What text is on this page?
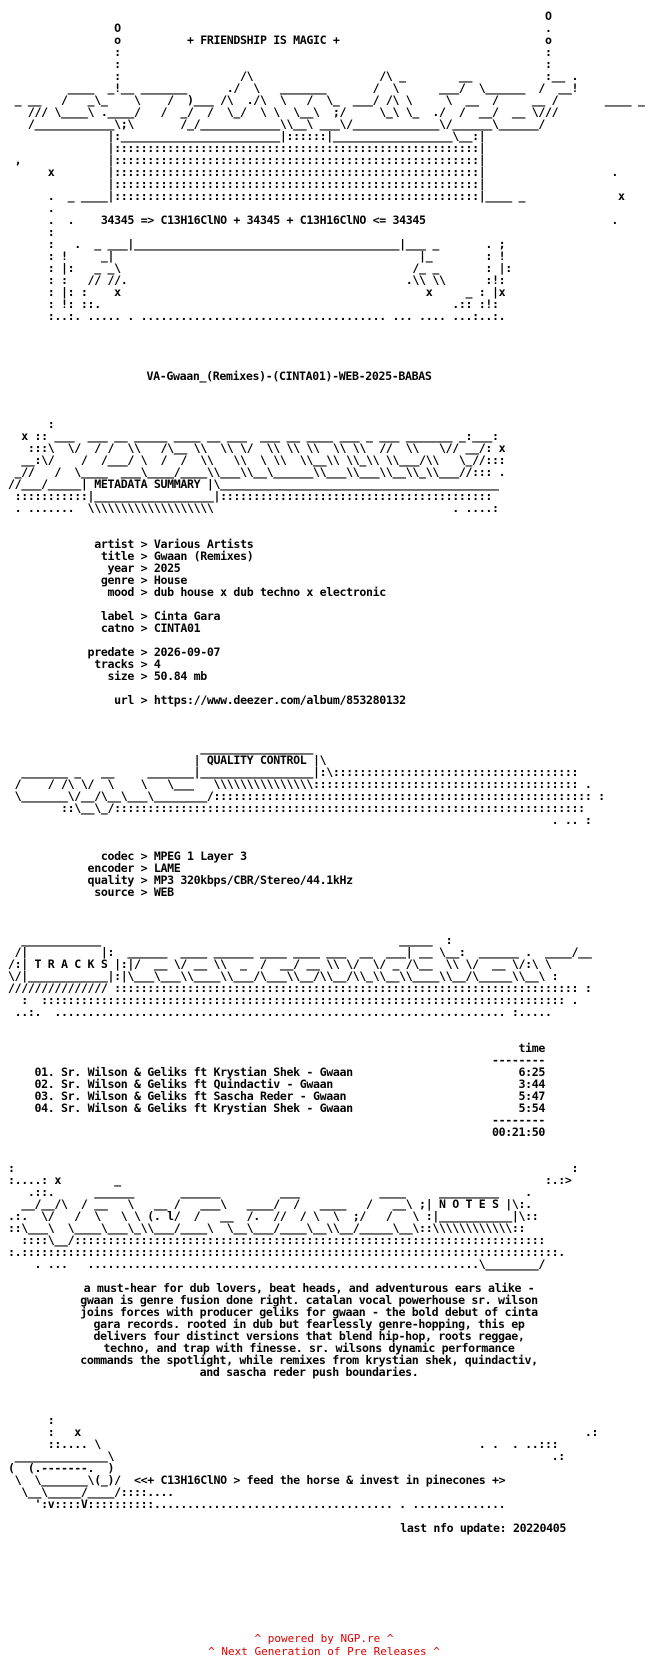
O
O                                                                .
o          + FRIENDSHIP IS MAGIC +                               o
:                                                                :
:                                                                :
:                  /\                   /\ _        __           :__ .
____  _!__ _______      ./  \   _______       /  \      ___/  \______  /  __!
_ __   /   _\_    \    /  )___ /\  ./\  \   /  \_  ___/ /\ \     \  __  /     __ /       ____ _
/// \____\ .____/   /  _/  /  \_/  \ \  \__\  ;/     \_\ \_  ./  /  __/  __ \///
/____________\;\       /_/____________\\__\ ___\/_____________\/______\______/
|:________________________|::::::|__________________\__:|
|:::::::::::::::::::::::::::::::::::::::::::::::::::::::|
,             |:::::::::::::::::::::::::::::::::::::::::::::::::::::::|
x        |:::::::::::::::::::::::::::::::::::::::::::::::::::::::|                   .
|:::::::::::::::::::::::::::::::::::::::::::::::::::::::|
.  _ ____|:::::::::::::::::::::::::::::::::::::::::::::::::::::::|____ _              x
.
.  .    34345 => C13H16ClNO + 34345 + C13H16ClNO <= 34345                            .
:
:   .  _ ___|________________________________________|___ _       . ;
: !     _|                                              |_        : !
: |:   _ _\                                            /_ _       : |:
: :   // //.                                          .\\ \\      :!:
: |: :    x                                              x     _ : |x
: !: ::.                                                     .:: :!:
:..:. ..... . ..................................... ... .... ...:..:.

VA-Gwaan_(Remixes)-(CINTA01)-WEB-2025-BABAS

:
x :: ___  ___ __ _____ ____ __ ___  ___ __ ____ ___ _ ___ _______ _:___:
:::\  \/  / /  \\   /\__ \\  \\ \/  \\ \\ \\  \\ \\  //  \\   \// __/: x
__:\/    /  /___/ \  /  /  \\   \\  \ \\  \\__\\ \\_\\ \\___/\\   \_//:::
_//   /  \____  ___\____/____\\___\\__\______\\___\\___\\__\\_\\___//::: .
//___/_____| METADATA SUMMARY |\__________________________________________
:::::::::::|__________________|:::::::::::::::::::::::::::::::::::::::::
. .......  \\\\\\\\\\\\\\\\\\\                                    . ....:

artist > Various Artists
title > Gwaan (Remixes)
year > 2025
genre > House
mood > dub house x dub techno x electronic

label > Cinta Gara
catno > CINTA01

predate > 2026-09-07
tracks > 4
size > 50.84 mb

url > https://www.deezer.com/album/853280132

_________________
| QUALITY CONTROL |\
_______ _   __     _______|_________________|:\:::::::::::::::::::::::::::::::::::::
/    / /\ \/  \    \   \___   \\\\\\\\\\\\\\\:::::::::::::::::::::::::::::::::::::::: .
\_______\/__/\__\___\________/::::::::::::::::::::::::::::::::::::::::::::::::::::::::: :
::\__\_/:::::::::::::::::::::::::::::::::::::::::::::::::::::::::::::::::::::::
. .. :

codec > MPEG 1 Layer 3
encoder > LAME
quality > MP3 320kbps/CBR/Stereo/44.1kHz
source > WEB

____________                                             _____  :
/|           |:  ______  ____ ______ ____ ____ ___  __  ___| __ \__:  ______ .  ____/__
/:| T R A C K S |:|/  __ \/ __ \\  _  /  __/ __ \\ \/  \/ _ /\__  \\ \/  __ \/:\ \
\/|____________|:|\___\___\\____\\___/\___\\__/\\__/\\_\\__\\____\\__/\_____\\__\ :
/////////////// :::::::::::::::::::::::::::::::::::::::::::::::::::::::::::::::::::::: :
:  ::::::::::::::::::::::::::::::::::::::::::::::::::::::::::::::::::::::::::::::: .
..:.  .................................................................... :.....

time
--------
01. Sr. Wilson & Geliks ft Krystian Shek - Gwaan                         6:25
02. Sr. Wilson & Geliks ft Quindactiv - Gwaan                            3:44
03. Sr. Wilson & Geliks ft Sascha Reder - Gwaan                          5:47
04. Sr. Wilson & Geliks ft Krystian Shek - Gwaan                         5:54
--------
00:21:50

:                                                                                    :
:....: x        _                                                                :.:>
.::.      ______       ______         ___            ____     _________    .
__/__/\  / __   \   __ /   ___\   ____/  /   ____   /   __\ ;| N O T E S |\:.
.:.  \/   /  \   \ \ (. l/  /   __  /.  //  / \  \  ;/   /   \ :|___________|\::
::\___\  \____\___\_\\___/____\  \__\___/____\__\\__/_____\__\::\\\\\\\\\\\\::
::::\__/:::::::::::::::::::::::::::::::::::::::::::::::::::::::::::::::::::::::
:.:::::::::::::::::::::::::::::::::::::::::::::::::::::::::::::::::::::::::::::::::.
. ...   ...........................................................\________/

a must-hear for dub lovers, beat heads, and adventurous ears alike -
gwaan is genre fusion done right. catalan vocal powerhouse sr. wilson
joins forces with producer geliks for gwaan - the bold debut of cinta
gara records. rooted in dub but fearlessly genre-hopping, this ep
delivers four distinct versions that blend hip-hop, roots reggae,
techno, and trap with finesse. sr. wilsons dynamic performance
commands the spotlight, while remixes from krystian shek, quindactiv,
and sascha reder push boundaries.

:
:   x                                                                            .:
::.... \                                                         . .  . ..:::
______________\                                                                  .:
(  (.-------.  )
\  \_______\(_)/  <<+ C13H16ClNO > feed the horse & invest in pinecones +>
\__\_____/____/::::....
':v::::V::::::::::.................................... . ..............

last nfo update: 20220405

^ powered by NGP.re ^
^ Next Generation of Pre Releases ^
